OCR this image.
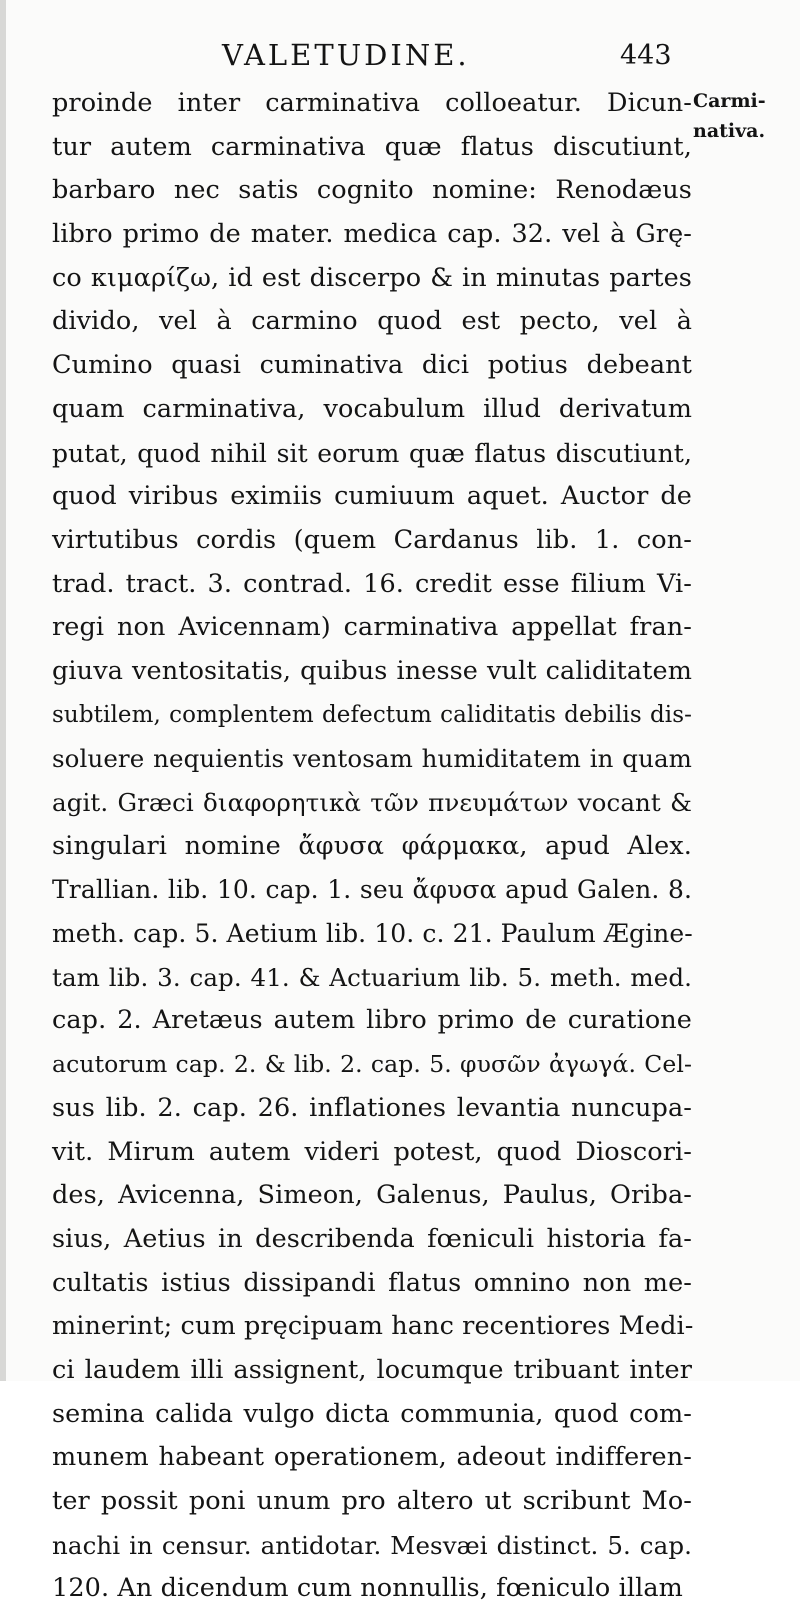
VALETUDINE.	443
Carmi-
nativa.
proinde inter carminativa colloeatur. Dicun-
tur autem carminativa quæ flatus discutiunt,
barbaro nec satis cognito nomine: Renodæus
libro primo de mater. medica cap. 32. vel à Grę-
co κιμαρίζω, id est discerpo & in minutas partes
divido, vel à carmino quod est pecto, vel à
Cumino quasi cuminativa dici potius debeant
quam carminativa, vocabulum illud derivatum
putat, quod nihil sit eorum quæ flatus discutiunt,
quod viribus eximiis cumiuum aquet. Auctor de
virtutibus cordis (quem Cardanus lib. 1. con-
trad. tract. 3. contrad. 16. credit esse filium Vi-
regi non Avicennam) carminativa appellat fran-
giuva ventositatis, quibus inesse vult caliditatem
subtilem, complentem defectum caliditatis debilis dis-
soluere nequientis ventosam humiditatem in quam
agit. Græci διαφορητικὰ τῶν πνευμάτων vocant &
singulari nomine ἄφυσα φάρμακα, apud Alex.
Trallian. lib. 10. cap. 1. seu ἄφυσα apud Galen. 8.
meth. cap. 5. Aetium lib. 10. c. 21. Paulum Ægine-
tam lib. 3. cap. 41. & Actuarium lib. 5. meth. med.
cap. 2. Aretæus autem libro primo de curatione
acutorum cap. 2. & lib. 2. cap. 5. φυσῶν ἀγωγά. Cel-
sus lib. 2. cap. 26. inflationes levantia nuncupa-
vit. Mirum autem videri potest, quod Dioscori-
des, Avicenna, Simeon, Galenus, Paulus, Oriba-
sius, Aetius in describenda fœniculi historia fa-
cultatis istius dissipandi flatus omnino non me-
minerint; cum pręcipuam hanc recentiores Medi-
ci laudem illi assignent, locumque tribuant inter
semina calida vulgo dicta communia, quod com-
munem habeant operationem, adeout indifferen-
ter possit poni unum pro altero ut scribunt Mo-
nachi in censur. antidotar. Mesvæi distinct. 5. cap.
120. An dicendum cum nonnullis, fœniculo illam
